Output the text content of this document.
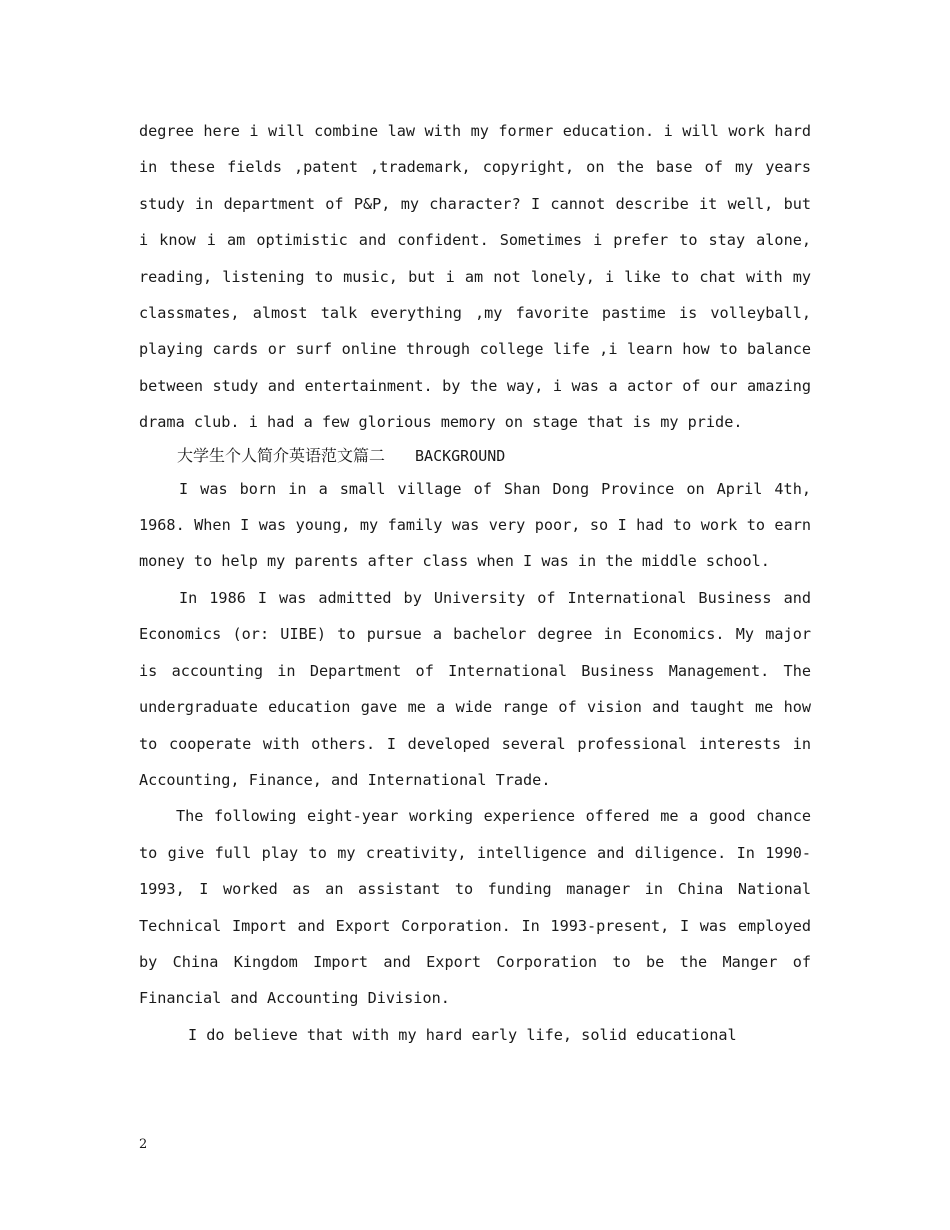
degree here i will combine law with my former education. i will work hard in these fields ,patent ,trademark, copyright, on the base of my years study in department of P&P, my character? I cannot describe it well, but i know i am optimistic and confident. Sometimes i prefer to stay alone, reading, listening to music, but i am not lonely, i like to chat with my classmates, almost talk everything ,my favorite pastime is volleyball, playing cards or surf online through college life ,i learn how to balance between study and entertainment. by the way, i was a actor of our amazing drama club. i had a few glorious memory on stage that is my pride.

大学生个人简介英语范文篇二 BACKGROUND

I was born in a small village of Shan Dong Province on April 4th, 1968. When I was young, my family was very poor, so I had to work to earn money to help my parents after class when I was in the middle school.

In 1986 I was admitted by University of International Business and Economics (or: UIBE) to pursue a bachelor degree in Economics. My major is accounting in Department of International Business Management. The undergraduate education gave me a wide range of vision and taught me how to cooperate with others. I developed several professional interests in Accounting, Finance, and International Trade.

The following eight-year working experience offered me a good chance to give full play to my creativity, intelligence and diligence. In 1990-1993, I worked as an assistant to funding manager in China National Technical Import and Export Corporation. In 1993-present, I was employed by China Kingdom Import and Export Corporation to be the Manger of Financial and Accounting Division.

I do believe that with my hard early life, solid educational

2
